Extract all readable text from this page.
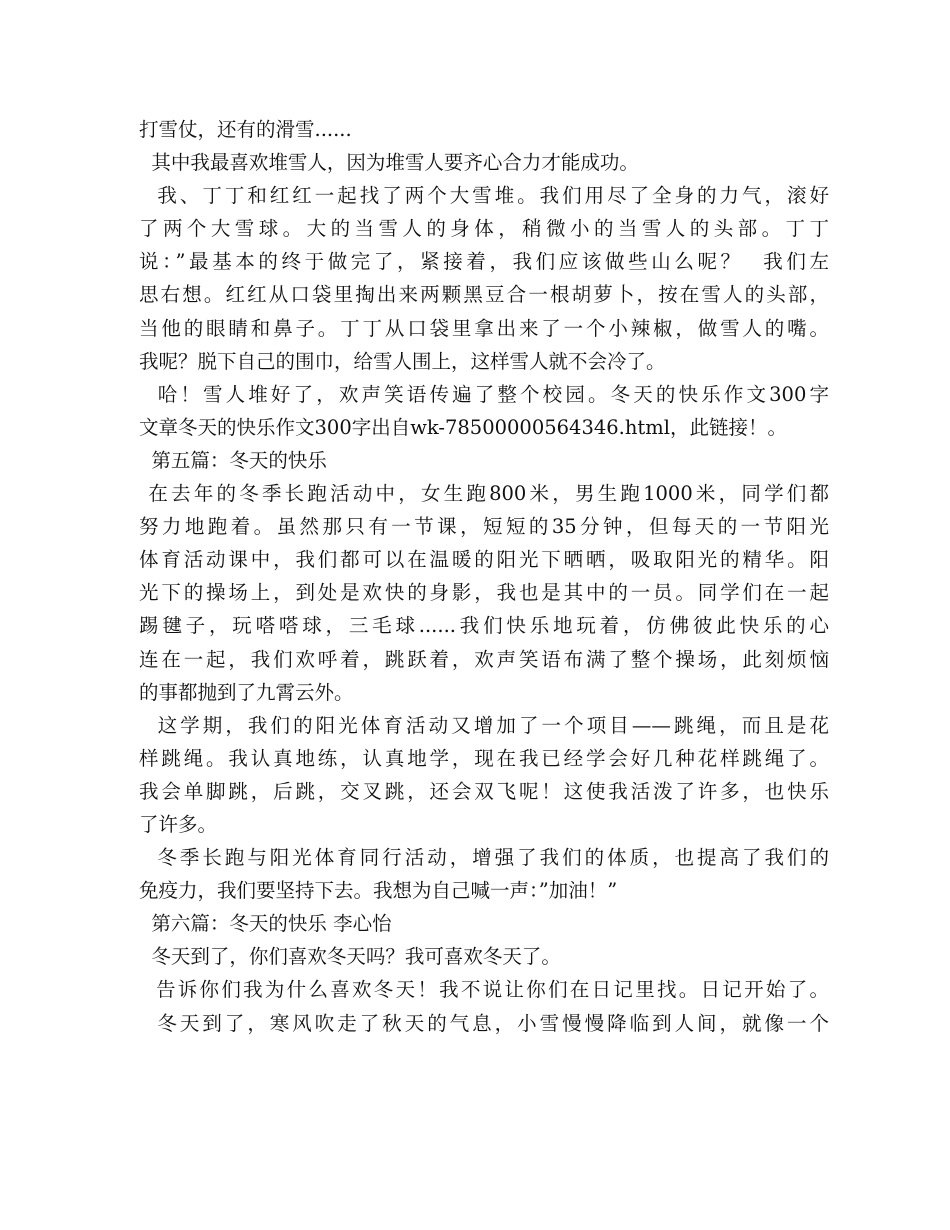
打雪仗，还有的滑雪......
其中我最喜欢堆雪人，因为堆雪人要齐心合力才能成功。
我、丁丁和红红一起找了两个大雪堆。我们用尽了全身的力气，滚好
了两个大雪球。大的当雪人的身体，稍微小的当雪人的头部。丁丁
说：”最基本的终于做完了，紧接着，我们应该做些山么呢？  我们左
思右想。红红从口袋里掏出来两颗黑豆合一根胡萝卜，按在雪人的头部，
当他的眼睛和鼻子。丁丁从口袋里拿出来了一个小辣椒，做雪人的嘴。
我呢？脱下自己的围巾，给雪人围上，这样雪人就不会冷了。
哈！雪人堆好了，欢声笑语传遍了整个校园。冬天的快乐作文300字
文章冬天的快乐作文300字出自wk-78500000564346.html，此链接！。
第五篇：冬天的快乐
在去年的冬季长跑活动中，女生跑800米，男生跑1000米，同学们都
努力地跑着。虽然那只有一节课，短短的35分钟，但每天的一节阳光
体育活动课中，我们都可以在温暖的阳光下晒晒，吸取阳光的精华。阳
光下的操场上，到处是欢快的身影，我也是其中的一员。同学们在一起
踢毽子，玩嗒嗒球，三毛球......我们快乐地玩着，仿佛彼此快乐的心
连在一起，我们欢呼着，跳跃着，欢声笑语布满了整个操场，此刻烦恼
的事都抛到了九霄云外。
这学期，我们的阳光体育活动又增加了一个项目——跳绳，而且是花
样跳绳。我认真地练，认真地学，现在我已经学会好几种花样跳绳了。
我会单脚跳，后跳，交叉跳，还会双飞呢！这使我活泼了许多，也快乐
了许多。
冬季长跑与阳光体育同行活动，增强了我们的体质，也提高了我们的
免疫力，我们要坚持下去。我想为自己喊一声：”加油！”
第六篇：冬天的快乐 李心怡
冬天到了，你们喜欢冬天吗？我可喜欢冬天了。
告诉你们我为什么喜欢冬天！我不说让你们在日记里找。日记开始了。
冬天到了，寒风吹走了秋天的气息，小雪慢慢降临到人间，就像一个
